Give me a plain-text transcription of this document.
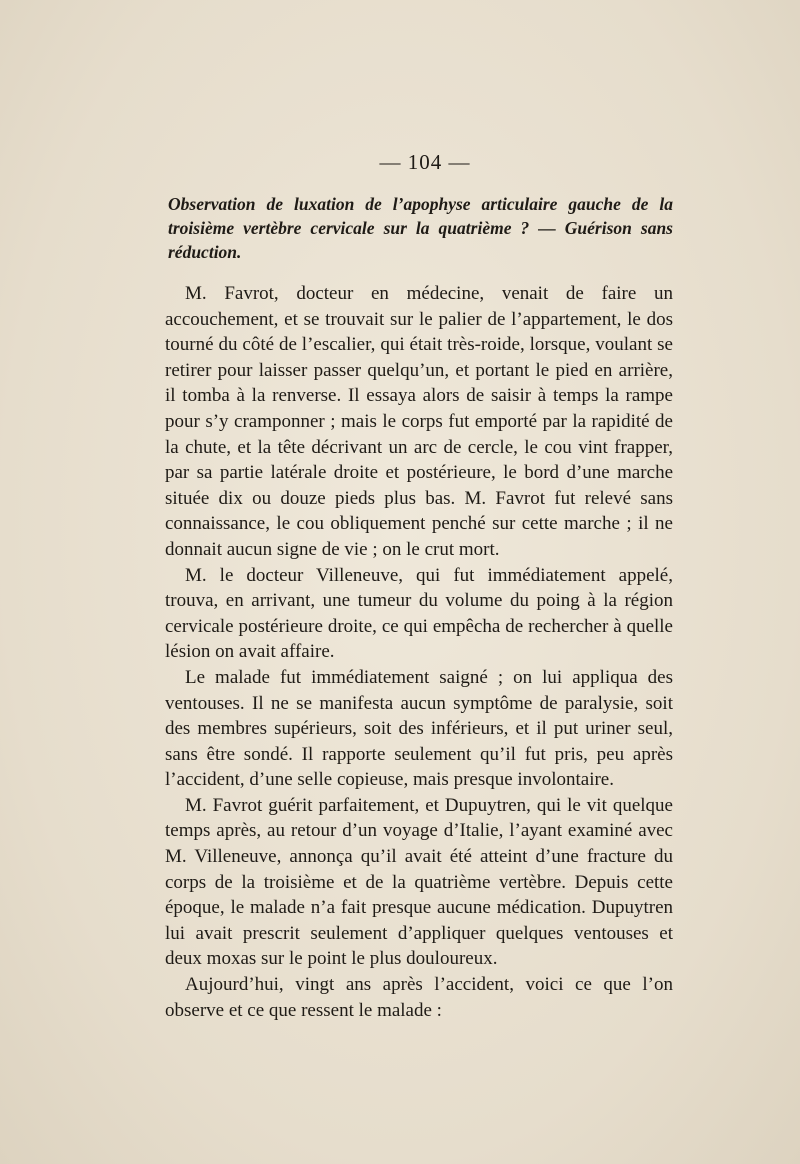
— 104 —
Observation de luxation de l’apophyse articulaire gauche de la troisième vertèbre cervicale sur la quatrième ? — Guérison sans réduction.

M. Favrot, docteur en médecine, venait de faire un accouchement, et se trouvait sur le palier de l’appartement, le dos tourné du côté de l’escalier, qui était très-roide, lorsque, voulant se retirer pour laisser passer quelqu’un, et portant le pied en arrière, il tomba à la renverse. Il essaya alors de saisir à temps la rampe pour s’y cramponner ; mais le corps fut emporté par la rapidité de la chute, et la tête décrivant un arc de cercle, le cou vint frapper, par sa partie latérale droite et postérieure, le bord d’une marche située dix ou douze pieds plus bas. M. Favrot fut relevé sans connaissance, le cou obliquement penché sur cette marche ; il ne donnait aucun signe de vie ; on le crut mort.

M. le docteur Villeneuve, qui fut immédiatement appelé, trouva, en arrivant, une tumeur du volume du poing à la région cervicale postérieure droite, ce qui empêcha de rechercher à quelle lésion on avait affaire.

Le malade fut immédiatement saigné ; on lui appliqua des ventouses. Il ne se manifesta aucun symptôme de paralysie, soit des membres supérieurs, soit des inférieurs, et il put uriner seul, sans être sondé. Il rapporte seulement qu’il fut pris, peu après l’accident, d’une selle copieuse, mais presque involontaire.

M. Favrot guérit parfaitement, et Dupuytren, qui le vit quelque temps après, au retour d’un voyage d’Italie, l’ayant examiné avec M. Villeneuve, annonça qu’il avait été atteint d’une fracture du corps de la troisième et de la quatrième vertèbre. Depuis cette époque, le malade n’a fait presque aucune médication. Dupuytren lui avait prescrit seulement d’appliquer quelques ventouses et deux moxas sur le point le plus douloureux.

Aujourd’hui, vingt ans après l’accident, voici ce que l’on observe et ce que ressent le malade :
